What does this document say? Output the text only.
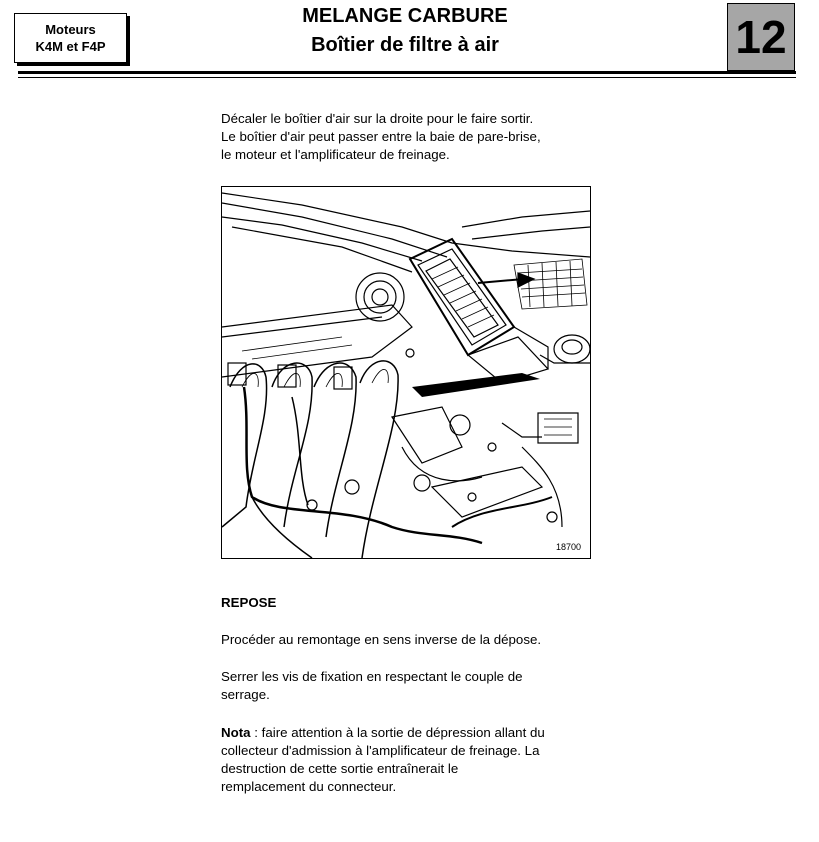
Moteurs
K4M et F4P
MELANGE CARBURE
Boîtier de filtre à air	12
Décaler le boîtier d'air sur la droite pour le faire sortir.
Le boîtier d'air peut passer entre la baie de pare-brise,
le moteur et l'amplificateur de freinage.
18700
REPOSE
Procéder au remontage en sens inverse de la dépose.
Serrer les vis de fixation en respectant le couple de
serrage.
Nota : faire attention à la sortie de dépression allant du
collecteur d'admission à l'amplificateur de freinage. La
destruction de cette sortie entraînerait le
remplacement du connecteur.
